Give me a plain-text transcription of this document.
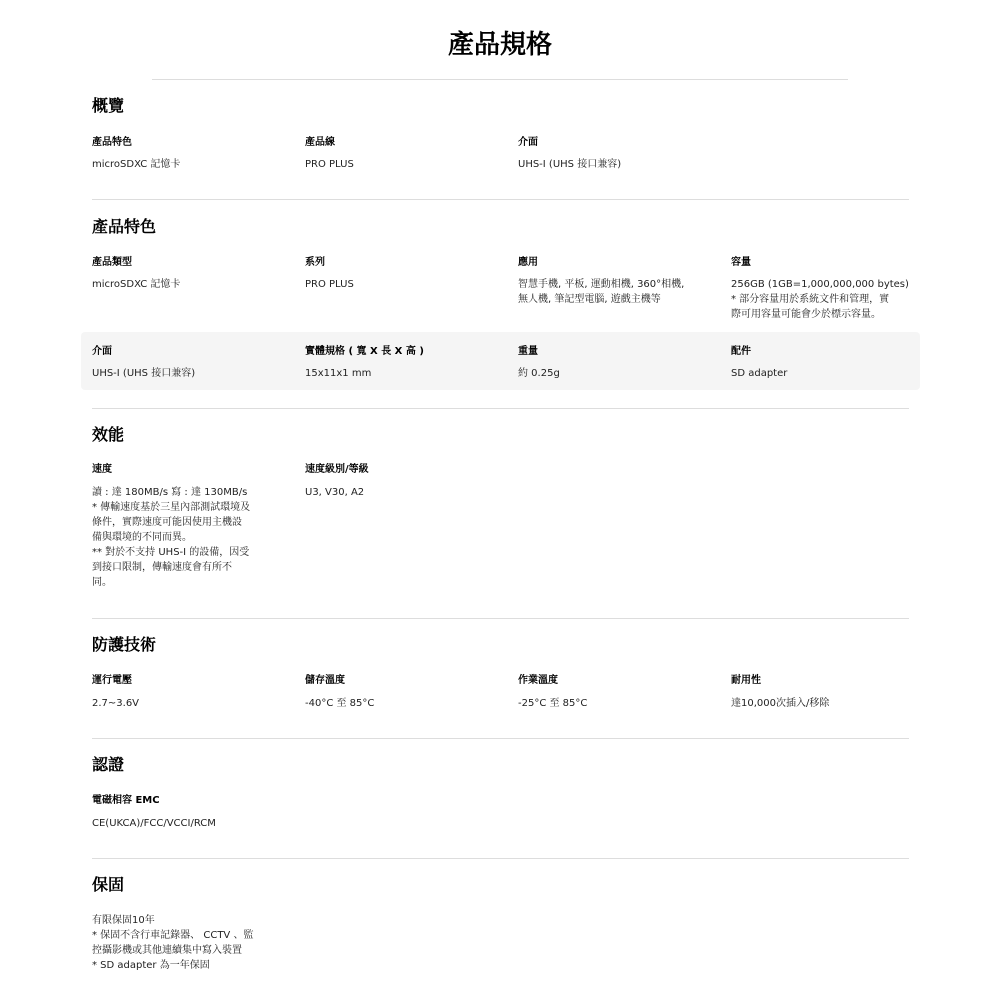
產品規格
概覽
產品特色
microSDXC 記憶卡
產品線
PRO PLUS
介面
UHS-I (UHS 接口兼容)
產品特色
產品類型
microSDXC 記憶卡
系列
PRO PLUS
應用
智慧手機, 平板, 運動相機, 360°相機,
無人機, 筆記型電腦, 遊戲主機等
容量
256GB (1GB=1,000,000,000 bytes)
* 部分容量用於系統文件和管理，實
際可用容量可能會少於標示容量。
介面
UHS-I (UHS 接口兼容)
實體規格 ( 寬 X 長 X 高 )
15x11x1 mm
重量
約 0.25g
配件
SD adapter
效能
速度
讀 : 達 180MB/s 寫 : 達 130MB/s
* 傳輸速度基於三星內部測試環境及
條件，實際速度可能因使用主機設
備與環境的不同而異。
** 對於不支持 UHS-I 的設備，因受
到接口限制，傳輸速度會有所不
同。
速度級別/等級
U3, V30, A2
防護技術
運行電壓
2.7~3.6V
儲存溫度
-40°C 至 85°C
作業溫度
-25°C 至 85°C
耐用性
達10,000次插入/移除
認證
電磁相容 EMC
CE(UKCA)/FCC/VCCI/RCM
保固
有限保固10年
* 保固不含行車記錄器、 CCTV 、監
控攝影機或其他連續集中寫入裝置
* SD adapter 為一年保固
